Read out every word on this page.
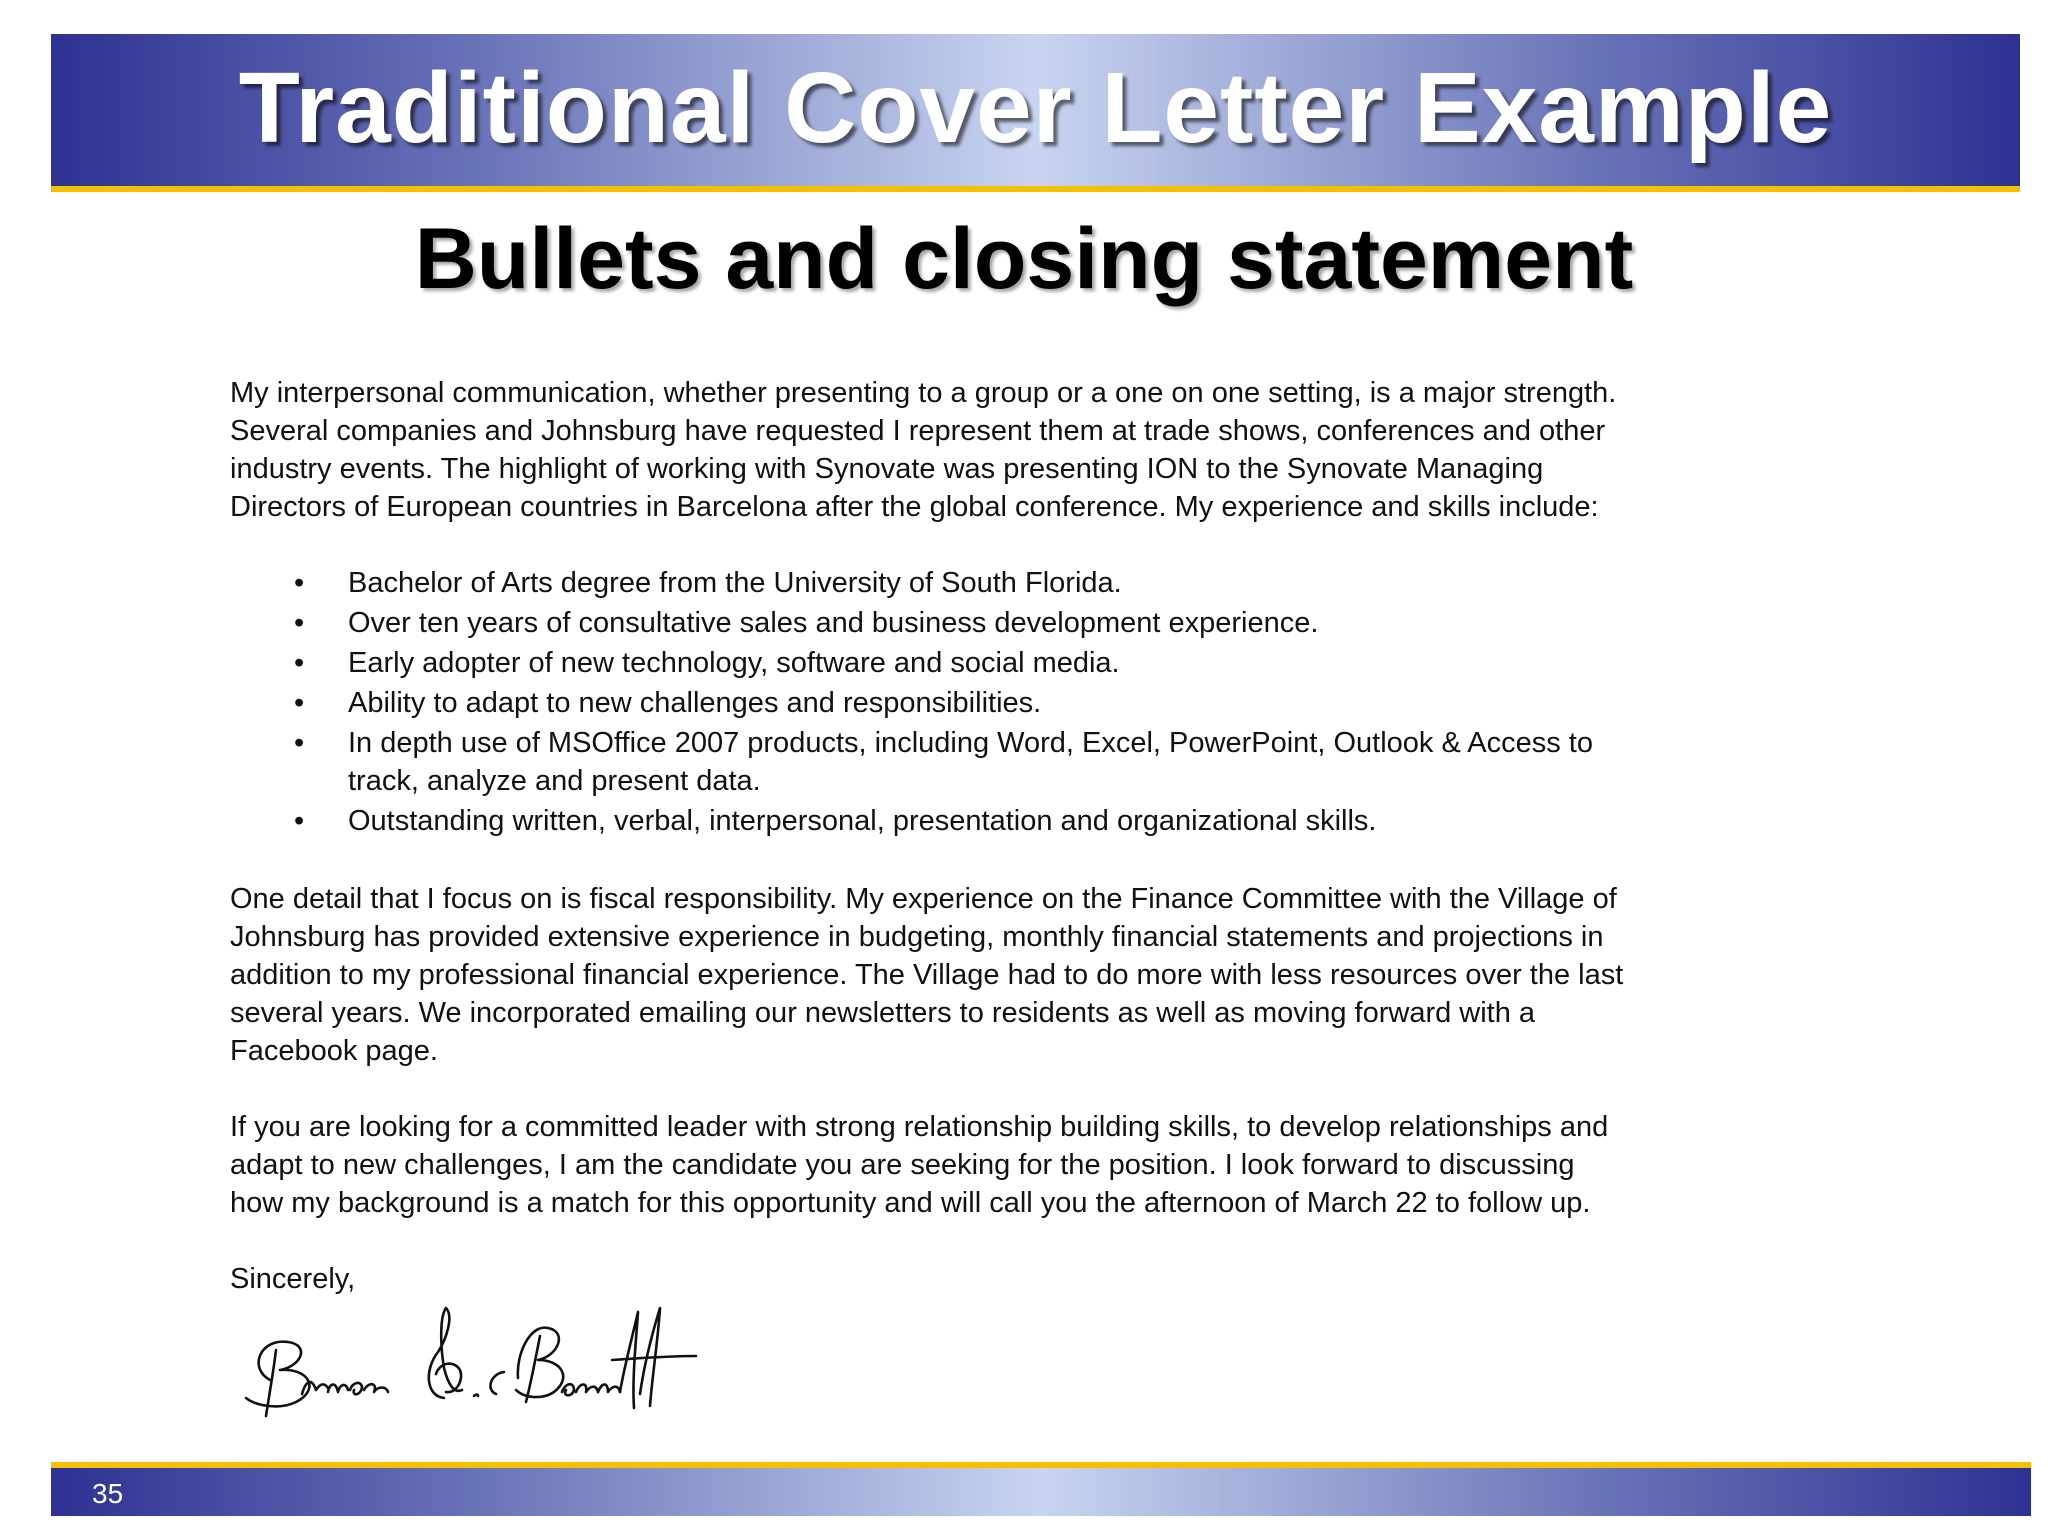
Traditional Cover Letter Example
Bullets and closing statement

My interpersonal communication, whether presenting to a group or a one on one setting, is a major strength.

Several companies and Johnsburg have requested I represent them at trade shows, conferences and other

industry events. The highlight of working with Synovate was presenting ION to the Synovate Managing

Directors of European countries in Barcelona after the global conference. My experience and skills include:

• Bachelor of Arts degree from the University of South Florida.

• Over ten years of consultative sales and business development experience.

• Early adopter of new technology, software and social media.

• Ability to adapt to new challenges and responsibilities.

• In depth use of MSOffice 2007 products, including Word, Excel, PowerPoint, Outlook & Access to

track, analyze and present data.

• Outstanding written, verbal, interpersonal, presentation and organizational skills.

One detail that I focus on is fiscal responsibility. My experience on the Finance Committee with the Village of

Johnsburg has provided extensive experience in budgeting, monthly financial statements and projections in

addition to my professional financial experience. The Village had to do more with less resources over the last

several years. We incorporated emailing our newsletters to residents as well as moving forward with a

Facebook page.

If you are looking for a committed leader with strong relationship building skills, to develop relationships and

adapt to new challenges, I am the candidate you are seeking for the position. I look forward to discussing

how my background is a match for this opportunity and will call you the afternoon of March 22 to follow up.

Sincerely,

35
